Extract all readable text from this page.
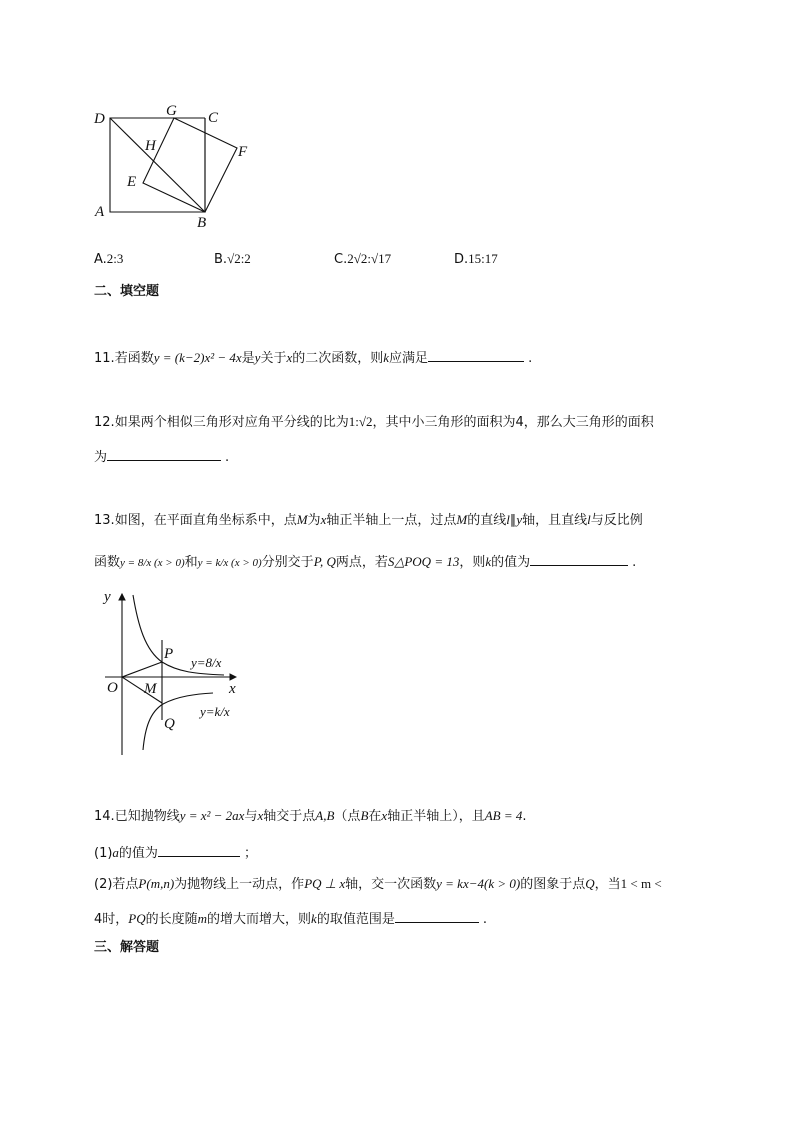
D	G C
H	F
E
A
B
A.2:3	B.√2:2	C.2√2:√17	D.15:17
二、填空题
11.若函数y = (k−2)x² − 4x是y关于x的二次函数，则k应满足	.
12.如果两个相似三角形对应角平分线的比为1:√2，其中小三角形的面积为4，那么大三角形的面积
为	.
13.如图，在平面直角坐标系中，点M为x轴正半轴上一点，过点M的直线l∥y轴，且直线l与反比例
函数y = 8/x (x > 0)和y = k/x (x > 0)分别交于P, Q两点，若S△POQ = 13，则k的值为	.
y
x
O M
P
Q
y=8/x
y=k/x
14.已知抛物线y = x² − 2ax与x轴交于点A,B（点B在x轴正半轴上），且AB = 4.
(1)a的值为	；
(2)若点P(m,n)为抛物线上一动点，作PQ ⊥ x轴，交一次函数y = kx−4(k > 0)的图象于点Q，当1 < m <
4时，PQ的长度随m的增大而增大，则k的取值范围是	.
三、解答题
